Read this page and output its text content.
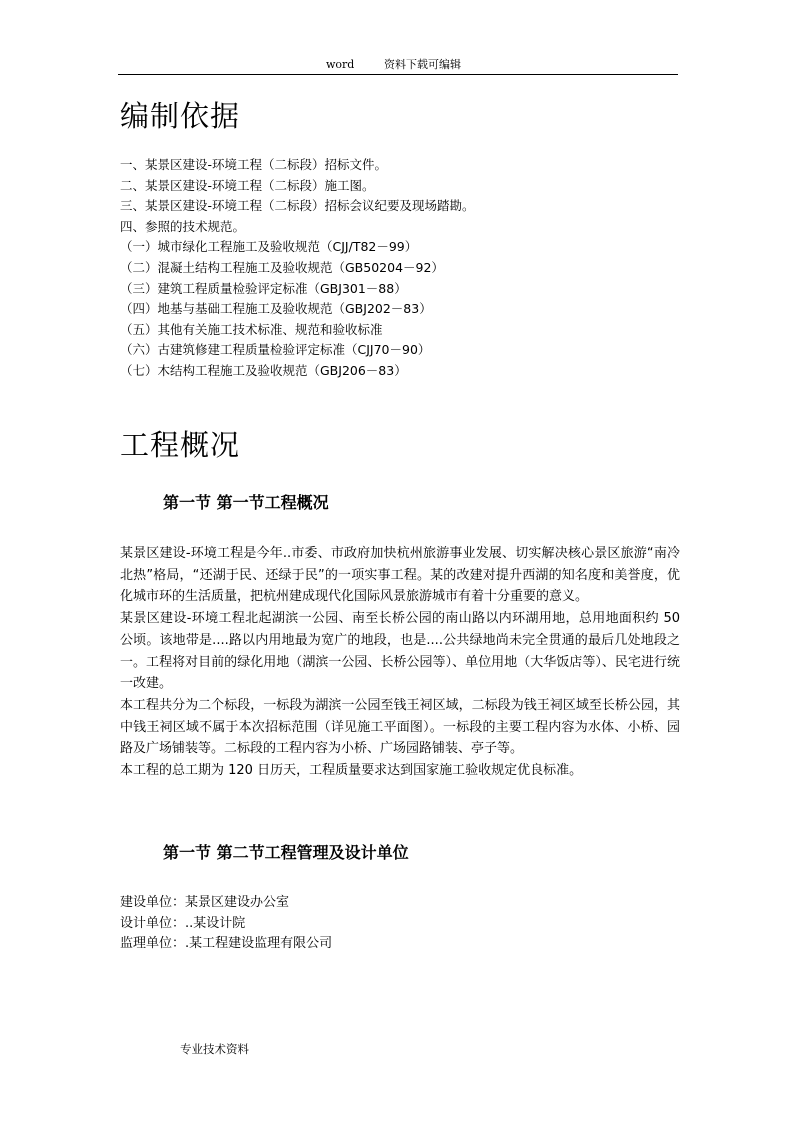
word	资料下载可编辑
编制依据
一、某景区建设-环境工程（二标段）招标文件。
二、某景区建设-环境工程（二标段）施工图。
三、某景区建设-环境工程（二标段）招标会议纪要及现场踏勘。
四、参照的技术规范。
（一）城市绿化工程施工及验收规范（CJJ/T82－99）
（二）混凝土结构工程施工及验收规范（GB50204－92）
（三）建筑工程质量检验评定标准（GBJ301－88）
（四）地基与基础工程施工及验收规范（GBJ202－83）
（五）其他有关施工技术标准、规范和验收标准
（六）古建筑修建工程质量检验评定标准（CJJ70－90）
（七）木结构工程施工及验收规范（GBJ206－83）
工程概况
第一节 第一节工程概况

某景区建设-环境工程是今年..市委、市政府加快杭州旅游事业发展、切实解决核心景区旅游“南冷北热”格局，“还湖于民、还绿于民”的一项实事工程。某的改建对提升西湖的知名度和美誉度，优化城市环的生活质量，把杭州建成现代化国际风景旅游城市有着十分重要的意义。

某景区建设-环境工程北起湖滨一公园、南至长桥公园的南山路以内环湖用地，总用地面积约 50 公顷。该地带是....路以内用地最为宽广的地段，也是....公共绿地尚未完全贯通的最后几处地段之一。工程将对目前的绿化用地（湖滨一公园、长桥公园等）、单位用地（大华饭店等）、民宅进行统一改建。

本工程共分为二个标段，一标段为湖滨一公园至钱王祠区域，二标段为钱王祠区域至长桥公园，其中钱王祠区域不属于本次招标范围（详见施工平面图）。一标段的主要工程内容为水体、小桥、园路及广场铺装等。二标段的工程内容为小桥、广场园路铺装、亭子等。

本工程的总工期为 120 日历天，工程质量要求达到国家施工验收规定优良标准。

第一节 第二节工程管理及设计单位
建设单位：某景区建设办公室
设计单位：..某设计院
监理单位：.某工程建设监理有限公司
专业技术资料
